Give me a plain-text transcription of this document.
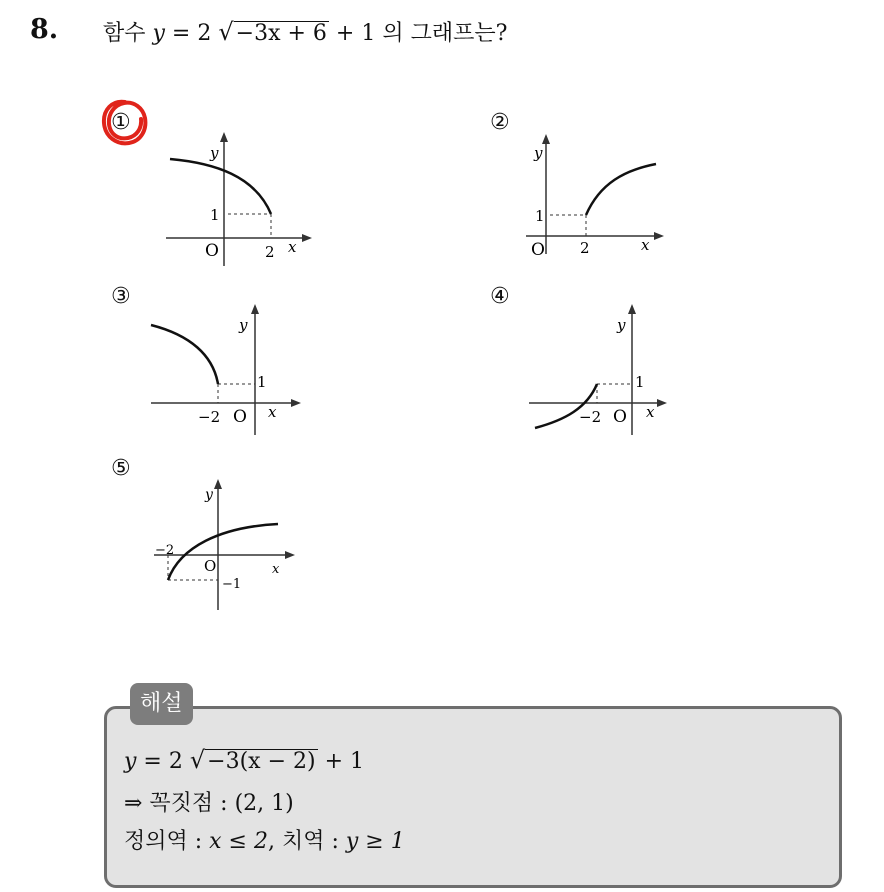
8. 함수 y = 2 √−3x + 6 + 1 의 그래프는?
①
O	2
1
x
y
②
O 2
1
x
y
③
−2 O
1
x
y
④
−2 O
1
x
y
⑤
−2
O
−1
x
y
해설
y = 2 √−3(x − 2) + 1
⇒ 꼭짓점 : (2, 1)
정의역 : x ≤ 2, 치역 : y ≥ 1
